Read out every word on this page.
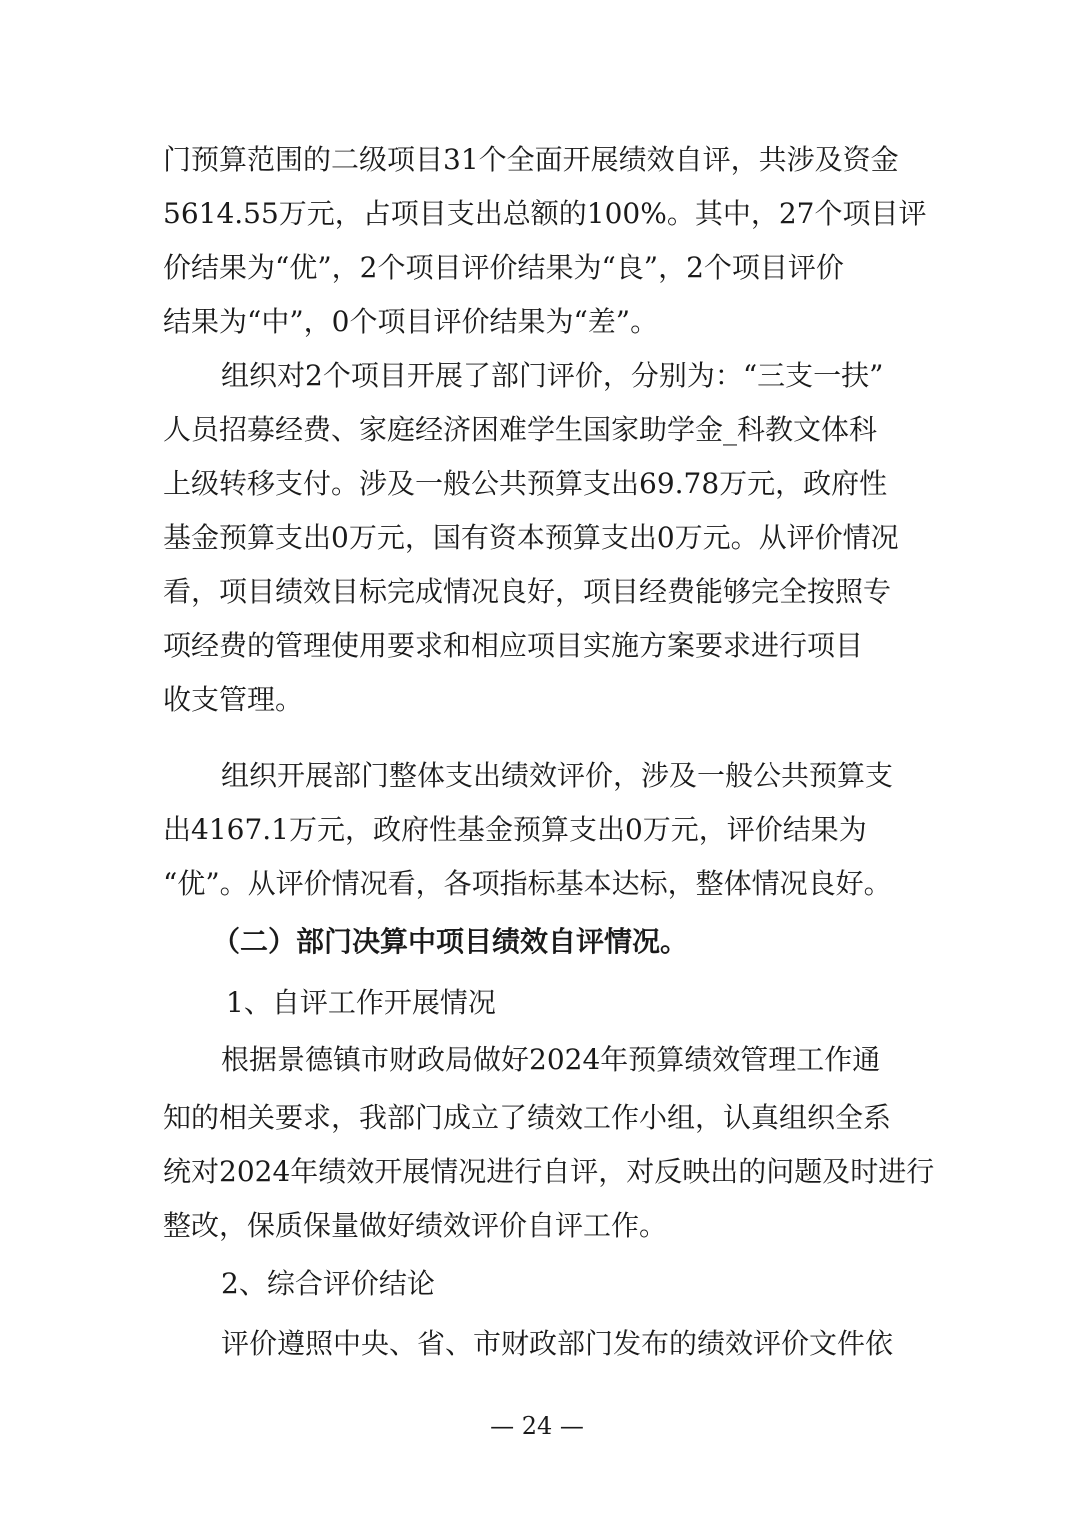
门预算范围的二级项目31个全面开展绩效自评，共涉及资金
5614.55万元，占项目支出总额的100%。其中，27个项目评
价结果为“优”，2个项目评价结果为“良”，2个项目评价
结果为“中”，0个项目评价结果为“差”。
组织对2个项目开展了部门评价，分别为：“三支一扶”
人员招募经费、家庭经济困难学生国家助学金_科教文体科
上级转移支付。涉及一般公共预算支出69.78万元，政府性
基金预算支出0万元，国有资本预算支出0万元。从评价情况
看，项目绩效目标完成情况良好，项目经费能够完全按照专
项经费的管理使用要求和相应项目实施方案要求进行项目
收支管理。
组织开展部门整体支出绩效评价，涉及一般公共预算支
出4167.1万元，政府性基金预算支出0万元，评价结果为
“优”。从评价情况看，各项指标基本达标，整体情况良好。
（二）部门决算中项目绩效自评情况。
1、自评工作开展情况
根据景德镇市财政局做好2024年预算绩效管理工作通
知的相关要求，我部门成立了绩效工作小组，认真组织全系
统对2024年绩效开展情况进行自评，对反映出的问题及时进行
整改，保质保量做好绩效评价自评工作。
2、综合评价结论
评价遵照中央、省、市财政部门发布的绩效评价文件依
— 24 —
